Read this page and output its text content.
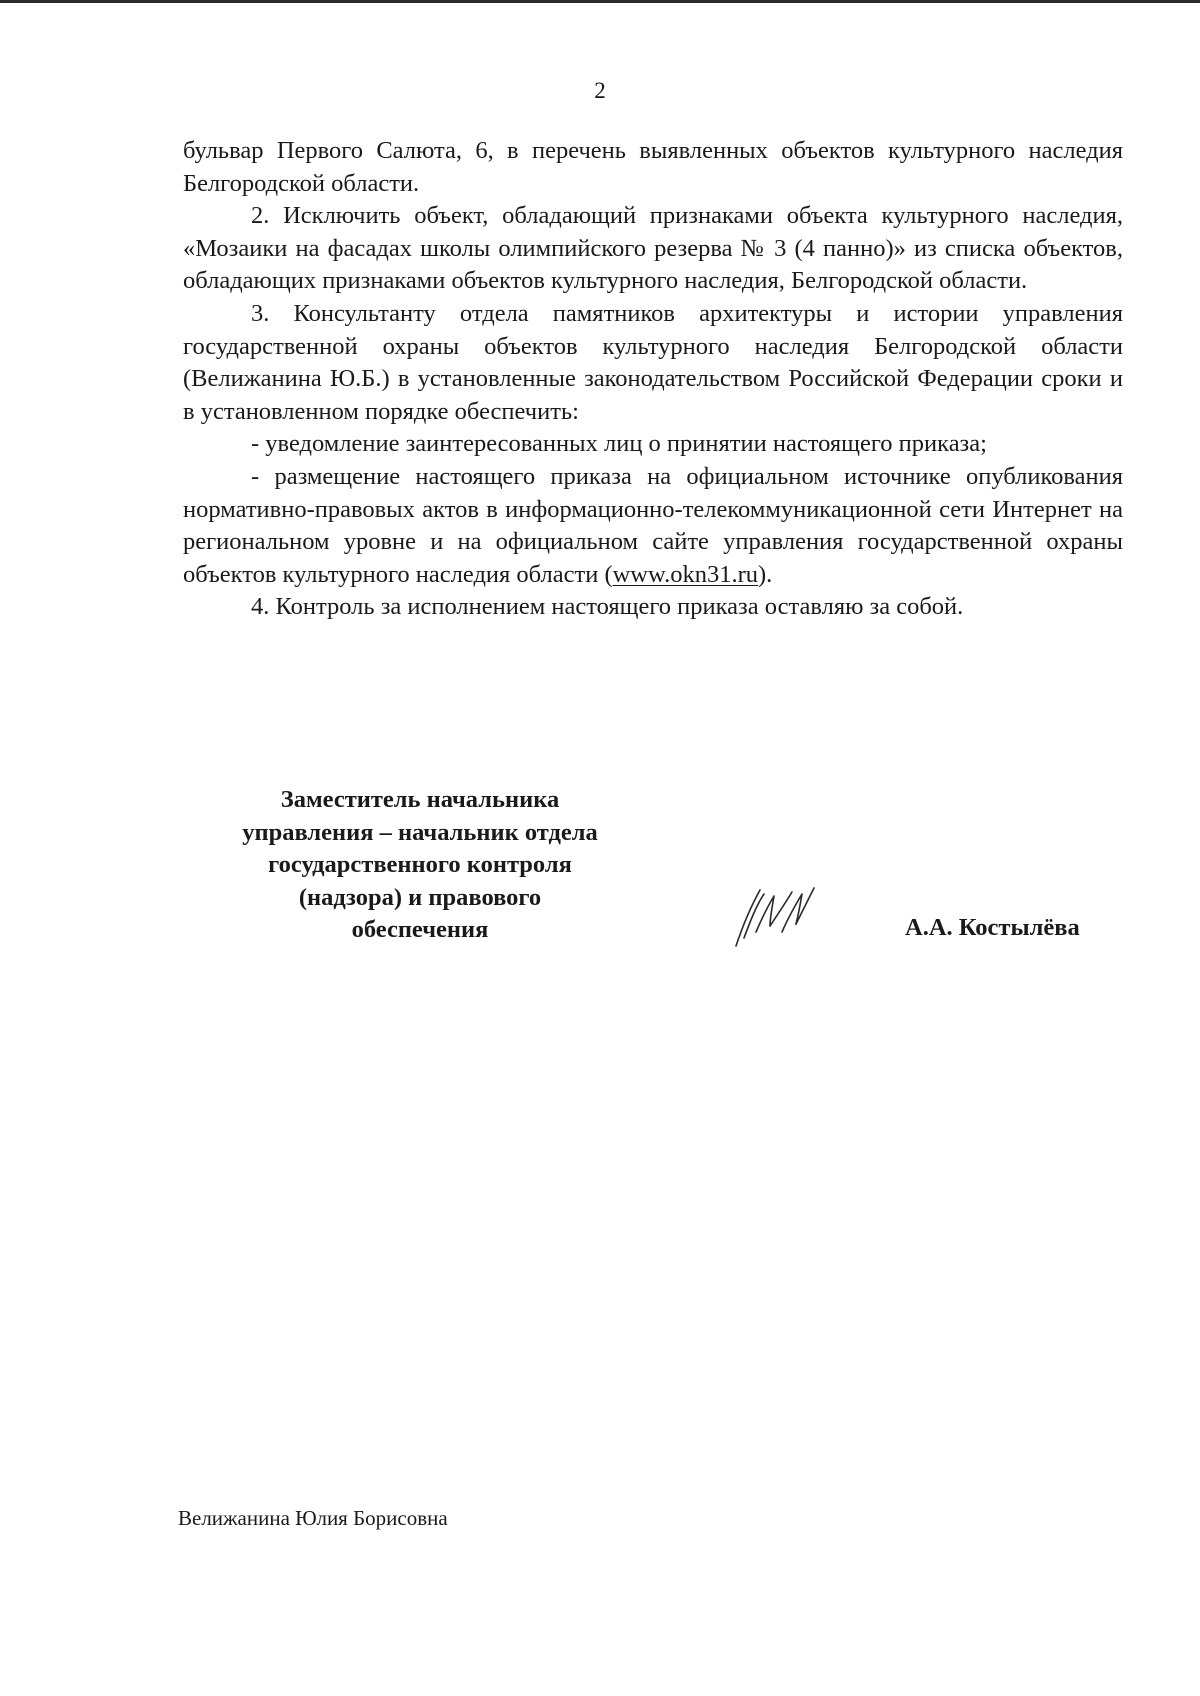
2

бульвар Первого Салюта, 6, в перечень выявленных объектов культурного наследия Белгородской области.

2. Исключить объект, обладающий признаками объекта культурного наследия, «Мозаики на фасадах школы олимпийского резерва № 3 (4 панно)» из списка объектов, обладающих признаками объектов культурного наследия, Белгородской области.

3. Консультанту отдела памятников архитектуры и истории управления государственной охраны объектов культурного наследия Белгородской области (Велижанина Ю.Б.) в установленные законодательством Российской Федерации сроки и в установленном порядке обеспечить:

- уведомление заинтересованных лиц о принятии настоящего приказа;

- размещение настоящего приказа на официальном источнике опубликования нормативно-правовых актов в информационно-телекоммуникационной сети Интернет на региональном уровне и на официальном сайте управления государственной охраны объектов культурного наследия области (www.okn31.ru).

4. Контроль за исполнением настоящего приказа оставляю за собой.

Заместитель начальника
управления – начальник отдела
государственного контроля
(надзора) и правового
обеспечения	А.А. Костылёва
Велижанина Юлия Борисовна
